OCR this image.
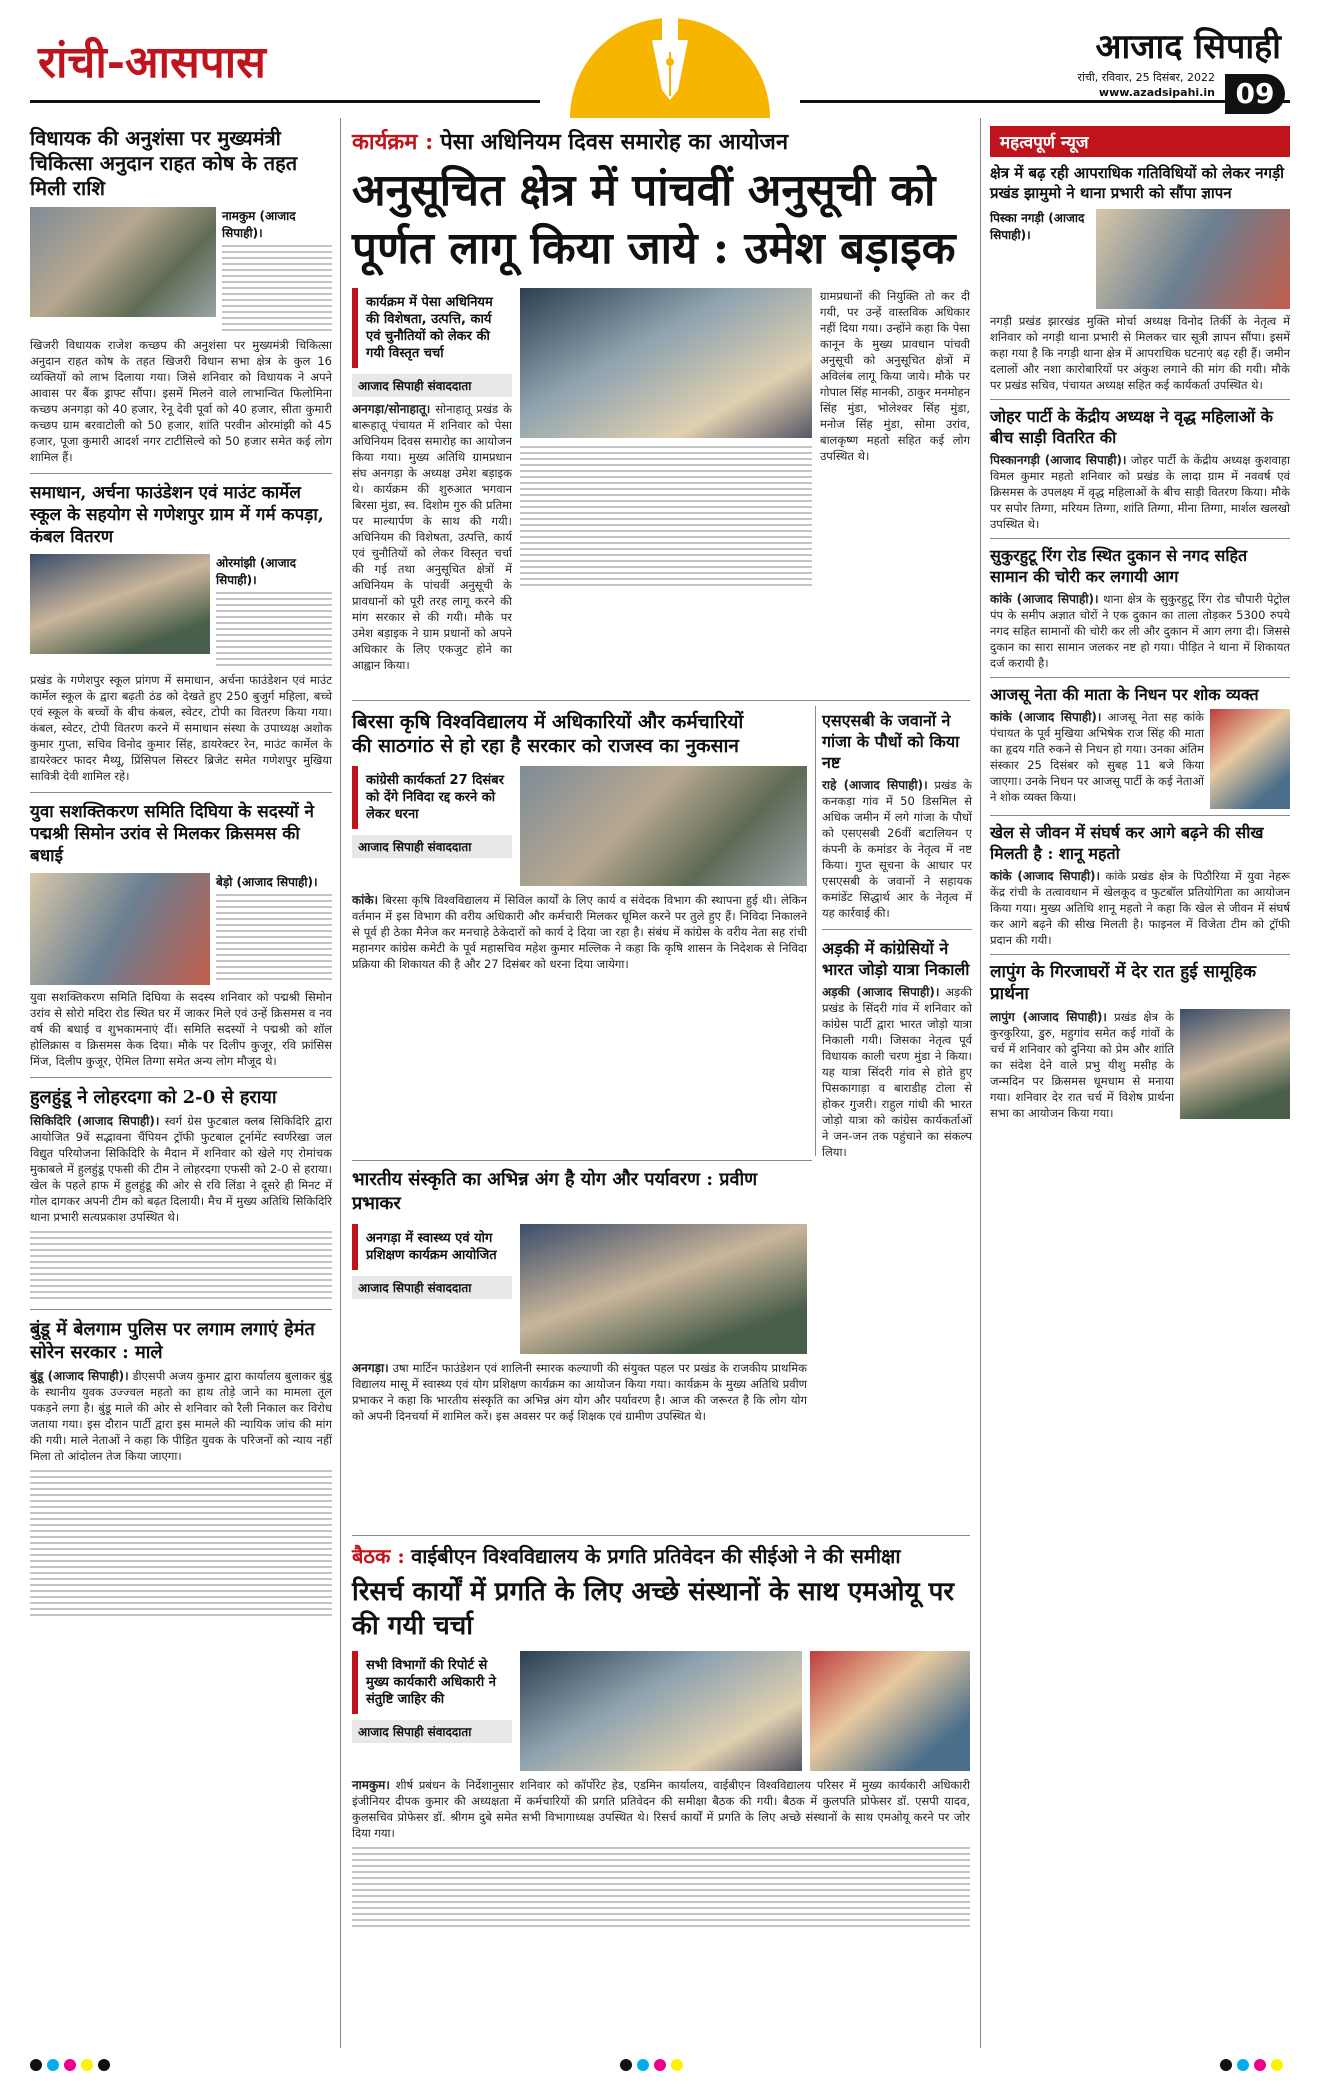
रांची-आसपास	आजाद सिपाही
रांची, रविवार, 25 दिसंबर, 2022
www.azadsipahi.in 09
विधायक की अनुशंसा पर मुख्यमंत्री चिकित्सा अनुदान राहत कोष के तहत मिली राशि
नामकुम (आजाद सिपाही)।

खिजरी विधायक राजेश कच्छप की अनुशंसा पर मुख्यमंत्री चिकित्सा अनुदान राहत कोष के तहत खिजरी विधान सभा क्षेत्र के कुल 16 व्यक्तियों को लाभ दिलाया गया। जिसे शनिवार को विधायक ने अपने आवास पर बैंक ड्राफ्ट सौंपा। इसमें मिलने वाले लाभान्वित फिलोमिना कच्छप अनगड़ा को 40 हजार, रेनू देवी पूर्वा को 40 हजार, सीता कुमारी कच्छप ग्राम बरवाटोली को 50 हजार, शांति परवीन ओरमांझी को 45 हजार, पूजा कुमारी आदर्श नगर टाटीसिल्वे को 50 हजार समेत कई लोग शामिल हैं।

समाधान, अर्चना फाउंडेशन एवं माउंट कार्मेल स्कूल के सहयोग से गणेशपुर ग्राम में गर्म कपड़ा, कंबल वितरण
ओरमांझी (आजाद सिपाही)।

प्रखंड के गणेशपुर स्कूल प्रांगण में समाधान, अर्चना फाउंडेशन एवं माउंट कार्मेल स्कूल के द्वारा बढ़ती ठंड को देखते हुए 250 बुजुर्ग महिला, बच्चे एवं स्कूल के बच्चों के बीच कंबल, स्वेटर, टोपी का वितरण किया गया। कंबल, स्वेटर, टोपी वितरण करने में समाधान संस्था के उपाध्यक्ष अशोक कुमार गुप्ता, सचिव विनोद कुमार सिंह, डायरेक्टर रेन, माउंट कार्मेल के डायरेक्टर फादर मैथ्यू, प्रिंसिपल सिस्टर ब्रिजेट समेत गणेशपुर मुखिया सावित्री देवी शामिल रहे।

युवा सशक्तिकरण समिति दिघिया के सदस्यों ने पद्मश्री सिमोन उरांव से मिलकर क्रिसमस की बधाई
बेड़ो (आजाद सिपाही)।

युवा सशक्तिकरण समिति दिघिया के सदस्य शनिवार को पद्मश्री सिमोन उरांव से सोरो मदिरा रोड स्थित घर में जाकर मिले एवं उन्हें क्रिसमस व नव वर्ष की बधाई व शुभकामनाएं दीं। समिति सदस्यों ने पद्मश्री को शॉल होलिक्रास व क्रिसमस केक दिया। मौके पर दिलीप कुजूर, रवि फ्रांसिस मिंज, दिलीप कुजूर, ऐमिल तिग्गा समेत अन्य लोग मौजूद थे।

हुलहुंडू ने लोहरदगा को 2-0 से हराया

सिकिदिरि (आजाद सिपाही)। स्वर्ग ग्रेस फुटबाल क्लब सिकिदिरि द्वारा आयोजित 9वें सद्भावना चैंपियन ट्रॉफी फुटबाल टूर्नामेंट स्वर्णरेखा जल विद्युत परियोजना सिकिदिरि के मैदान में शनिवार को खेले गए रोमांचक मुकाबले में हुलहुंडू एफसी की टीम ने लोहरदगा एफसी को 2-0 से हराया। खेल के पहले हाफ में हुलहुंडू की ओर से रवि लिंडा ने दूसरे ही मिनट में गोल दागकर अपनी टीम को बढ़त दिलायी। मैच में मुख्य अतिथि सिकिदिरि थाना प्रभारी सत्यप्रकाश उपस्थित थे।

बुंडू में बेलगाम पुलिस पर लगाम लगाएं हेमंत सोरेन सरकार : माले

बुंडू (आजाद सिपाही)। डीएसपी अजय कुमार द्वारा कार्यालय बुलाकर बुंडू के स्थानीय युवक उज्ज्वल महतो का हाथ तोड़े जाने का मामला तूल पकड़ने लगा है। बुंडू माले की ओर से शनिवार को रैली निकाल कर विरोध जताया गया। इस दौरान पार्टी द्वारा इस मामले की न्यायिक जांच की मांग की गयी। माले नेताओं ने कहा कि पीड़ित युवक के परिजनों को न्याय नहीं मिला तो आंदोलन तेज किया जाएगा।

कार्यक्रम : पेसा अधिनियम दिवस समारोह का आयोजन
अनुसूचित क्षेत्र में पांचवीं अनुसूची को
पूर्णत लागू किया जाये : उमेश बड़ाइक
कार्यक्रम में पेसा अधिनियम की विशेषता, उत्पत्ति, कार्य एवं चुनौतियों को लेकर की गयी विस्तृत चर्चा
आजाद सिपाही संवाददाता

अनगड़ा/सोनाहातू। सोनाहातू प्रखंड के बारूहातू पंचायत में शनिवार को पेसा अधिनियम दिवस समारोह का आयोजन किया गया। मुख्य अतिथि ग्रामप्रधान संघ अनगड़ा के अध्यक्ष उमेश बड़ाइक थे। कार्यक्रम की शुरुआत भगवान बिरसा मुंडा, स्व. दिशोम गुरु की प्रतिमा पर माल्यार्पण के साथ की गयी। अधिनियम की विशेषता, उत्पत्ति, कार्य एवं चुनौतियों को लेकर विस्तृत चर्चा की गई तथा अनुसूचित क्षेत्रों में अधिनियम के पांचवीं अनुसूची के प्रावधानों को पूरी तरह लागू करने की मांग सरकार से की गयी। मौके पर उमेश बड़ाइक ने ग्राम प्रधानों को अपने अधिकार के लिए एकजुट होने का आह्वान किया।

ग्रामप्रधानों की नियुक्ति तो कर दी गयी, पर उन्हें वास्तविक अधिकार नहीं दिया गया। उन्होंने कहा कि पेसा कानून के मुख्य प्रावधान पांचवी अनुसूची को अनुसूचित क्षेत्रों में अविलंब लागू किया जाये। मौके पर गोपाल सिंह मानकी, ठाकुर मनमोहन सिंह मुंडा, भोलेश्वर सिंह मुंडा, मनोज सिंह मुंडा, सोमा उरांव, बालकृष्ण महतो सहित कई लोग उपस्थित थे।

बिरसा कृषि विश्वविद्यालय में अधिकारियों और कर्मचारियों
की साठगांठ से हो रहा है सरकार को राजस्व का नुकसान
कांग्रेसी कार्यकर्ता 27 दिसंबर को देंगे निविदा रद्द करने को लेकर धरना
आजाद सिपाही संवाददाता

कांके। बिरसा कृषि विश्वविद्यालय में सिविल कार्यों के लिए कार्य व संवेदक विभाग की स्थापना हुई थी। लेकिन वर्तमान में इस विभाग की वरीय अधिकारी और कर्मचारी मिलकर धूमिल करने पर तुले हुए हैं। निविदा निकालने से पूर्व ही ठेका मैनेज कर मनचाहे ठेकेदारों को कार्य दे दिया जा रहा है। संबंध में कांग्रेस के वरीय नेता सह रांची महानगर कांग्रेस कमेटी के पूर्व महासचिव महेश कुमार मल्लिक ने कहा कि कृषि शासन के निदेशक से निविदा प्रक्रिया की शिकायत की है और 27 दिसंबर को धरना दिया जायेगा।

एसएसबी के जवानों ने गांजा के पौधों को किया नष्ट

राहे (आजाद सिपाही)। प्रखंड के कनकड़ा गांव में 50 डिसमिल से अधिक जमीन में लगे गांजा के पौधों को एसएसबी 26वीं बटालियन ए कंपनी के कमांडर के नेतृत्व में नष्ट किया। गुप्त सूचना के आधार पर एसएसबी के जवानों ने सहायक कमांडेंट सिद्धार्थ आर के नेतृत्व में यह कार्रवाई की।

अड़की में कांग्रेसियों ने भारत जोड़ो यात्रा निकाली

अड़की (आजाद सिपाही)। अड़की प्रखंड के सिंदरी गांव में शनिवार को कांग्रेस पार्टी द्वारा भारत जोड़ो यात्रा निकाली गयी। जिसका नेतृत्व पूर्व विधायक काली चरण मुंडा ने किया। यह यात्रा सिंदरी गांव से होते हुए पिसकागाड़ा व बाराडीह टोला से होकर गुजरी। राहुल गांधी की भारत जोड़ो यात्रा को कांग्रेस कार्यकर्ताओं ने जन-जन तक पहुंचाने का संकल्प लिया।

भारतीय संस्कृति का अभिन्न अंग है योग और पर्यावरण : प्रवीण प्रभाकर
अनगड़ा में स्वास्थ्य एवं योग प्रशिक्षण कार्यक्रम आयोजित
आजाद सिपाही संवाददाता

अनगड़ा। उषा मार्टिन फाउंडेशन एवं शालिनी स्मारक कल्याणी की संयुक्त पहल पर प्रखंड के राजकीय प्राथमिक विद्यालय मासू में स्वास्थ्य एवं योग प्रशिक्षण कार्यक्रम का आयोजन किया गया। कार्यक्रम के मुख्य अतिथि प्रवीण प्रभाकर ने कहा कि भारतीय संस्कृति का अभिन्न अंग योग और पर्यावरण है। आज की जरूरत है कि लोग योग को अपनी दिनचर्या में शामिल करें। इस अवसर पर कई शिक्षक एवं ग्रामीण उपस्थित थे।

बैठक : वाईबीएन विश्वविद्यालय के प्रगति प्रतिवेदन की सीईओ ने की समीक्षा
रिसर्च कार्यों में प्रगति के लिए अच्छे संस्थानों के साथ एमओयू पर की गयी चर्चा
सभी विभागों की रिपोर्ट से मुख्य कार्यकारी अधिकारी ने संतुष्टि जाहिर की
आजाद सिपाही संवाददाता

नामकुम। शीर्ष प्रबंधन के निर्देशानुसार शनिवार को कॉर्पोरेट हेड, एडमिन कार्यालय, वाईबीएन विश्वविद्यालय परिसर में मुख्य कार्यकारी अधिकारी इंजीनियर दीपक कुमार की अध्यक्षता में कर्मचारियों की प्रगति प्रतिवेदन की समीक्षा बैठक की गयी। बैठक में कुलपति प्रोफेसर डॉ. एसपी यादव, कुलसचिव प्रोफेसर डॉ. श्रीगम दुबे समेत सभी विभागाध्यक्ष उपस्थित थे। रिसर्च कार्यों में प्रगति के लिए अच्छे संस्थानों के साथ एमओयू करने पर जोर दिया गया।

महत्वपूर्ण न्यूज
क्षेत्र में बढ़ रही आपराधिक गतिविधियों को लेकर नगड़ी प्रखंड झामुमो ने थाना प्रभारी को सौंपा ज्ञापन
पिस्का नगड़ी (आजाद सिपाही)।

नगड़ी प्रखंड झारखंड मुक्ति मोर्चा अध्यक्ष विनोद तिर्की के नेतृत्व में शनिवार को नगड़ी थाना प्रभारी से मिलकर चार सूत्री ज्ञापन सौंपा। इसमें कहा गया है कि नगड़ी थाना क्षेत्र में आपराधिक घटनाएं बढ़ रही हैं। जमीन दलालों और नशा कारोबारियों पर अंकुश लगाने की मांग की गयी। मौके पर प्रखंड सचिव, पंचायत अध्यक्ष सहित कई कार्यकर्ता उपस्थित थे।

जोहर पार्टी के केंद्रीय अध्यक्ष ने वृद्ध महिलाओं के बीच साड़ी वितरित की

पिस्कानगड़ी (आजाद सिपाही)। जोहर पार्टी के केंद्रीय अध्यक्ष कुशवाहा विमल कुमार महतो शनिवार को प्रखंड के लादा ग्राम में नववर्ष एवं क्रिसमस के उपलक्ष्य में वृद्ध महिलाओं के बीच साड़ी वितरण किया। मौके पर सपोर तिग्गा, मरियम तिग्गा, शांति तिग्गा, मीना तिग्गा, मार्शल खलखो उपस्थित थे।

सुकुरहुटू रिंग रोड स्थित दुकान से नगद सहित सामान की चोरी कर लगायी आग

कांके (आजाद सिपाही)। थाना क्षेत्र के सुकुरहुटू रिंग रोड चौपारी पेट्रोल पंप के समीप अज्ञात चोरों ने एक दुकान का ताला तोड़कर 5300 रुपये नगद सहित सामानों की चोरी कर ली और दुकान में आग लगा दी। जिससे दुकान का सारा सामान जलकर नष्ट हो गया। पीड़ित ने थाना में शिकायत दर्ज करायी है।

आजसू नेता की माता के निधन पर शोक व्यक्त

कांके (आजाद सिपाही)। आजसू नेता सह कांके पंचायत के पूर्व मुखिया अभिषेक राज सिंह की माता का हृदय गति रुकने से निधन हो गया। उनका अंतिम संस्कार 25 दिसंबर को सुबह 11 बजे किया जाएगा। उनके निधन पर आजसू पार्टी के कई नेताओं ने शोक व्यक्त किया।

खेल से जीवन में संघर्ष कर आगे बढ़ने की सीख मिलती है : शानू महतो

कांके (आजाद सिपाही)। कांके प्रखंड क्षेत्र के पिठौरिया में युवा नेहरू केंद्र रांची के तत्वावधान में खेलकूद व फुटबॉल प्रतियोगिता का आयोजन किया गया। मुख्य अतिथि शानू महतो ने कहा कि खेल से जीवन में संघर्ष कर आगे बढ़ने की सीख मिलती है। फाइनल में विजेता टीम को ट्रॉफी प्रदान की गयी।

लापुंग के गिरजाघरों में देर रात हुई सामूहिक प्रार्थना

लापुंग (आजाद सिपाही)। प्रखंड क्षेत्र के कुरकुरिया, डुरु, महुगांव समेत कई गांवों के चर्च में शनिवार को दुनिया को प्रेम और शांति का संदेश देने वाले प्रभु यीशु मसीह के जन्मदिन पर क्रिसमस धूमधाम से मनाया गया। शनिवार देर रात चर्च में विशेष प्रार्थना सभा का आयोजन किया गया।
